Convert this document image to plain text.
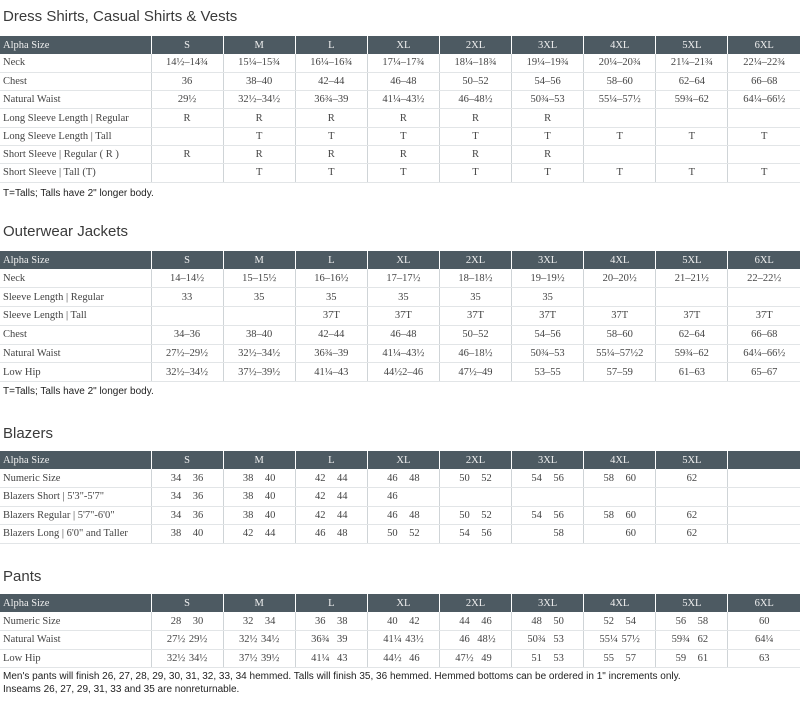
Dress Shirts, Casual Shirts & Vests
Alpha Size	S	M	L	XL	2XL	3XL	4XL	5XL	6XL
Neck	14½–14¾	15¼–15¾	16¼–16¾	17¼–17¾	18¼–18¾	19¼–19¾	20¼–20¾	21¼–21¾	22¼–22¾
Chest	36	38–40	42–44	46–48	50–52	54–56	58–60	62–64	66–68
Natural Waist	29½	32½–34½	36¾–39	41¼–43½	46–48½	50¾–53	55¼–57½	59¾–62	64¼–66½
Long Sleeve Length | Regular	R	R	R	R	R	R			
Long Sleeve Length | Tall		T	T	T	T	T	T	T	T
Short Sleeve | Regular ( R )	R	R	R	R	R	R			
Short Sleeve | Tall (T)		T	T	T	T	T	T	T	T
T=Talls; Talls have 2" longer body.
Outerwear Jackets
Alpha Size	S	M	L	XL	2XL	3XL	4XL	5XL	6XL
Neck	14–14½	15–15½	16–16½	17–17½	18–18½	19–19½	20–20½	21–21½	22–22½
Sleeve Length | Regular	33	35	35	35	35	35			
Sleeve Length | Tall			37T	37T	37T	37T	37T	37T	37T
Chest	34–36	38–40	42–44	46–48	50–52	54–56	58–60	62–64	66–68
Natural Waist	27½–29½	32½–34½	36¾–39	41¼–43½	46–18½	50¾–53	55¼–57½2	59¾–62	64¼–66½
Low Hip	32½–34½	37½–39½	41¼–43	44½2–46	47½–49	53–55	57–59	61–63	65–67
T=Talls; Talls have 2" longer body.
Blazers
Alpha Size	S	M	L	XL	2XL	3XL	4XL	5XL	
Numeric Size	34 36	38 40	42 44	46 48	50 52	54 56	58 60	62	

Blazers Short | 5'3"-5'7"	34 36	38 40	42 44	46					

Blazers Regular | 5'7"-6'0"	34 36	38 40	42 44	46 48	50 52	54 56	58 60	62	

Blazers Long | 6'0" and Taller	38 40	42 44	46 48	50 52	54 56	58	60	62	

Pants
Alpha Size	S	M	L	XL	2XL	3XL	4XL	5XL	6XL
Numeric Size	28 30	32 34	36 38	40 42	44 46	48 50	52 54	56 58	60

Natural Waist	27½ 29½	32½ 34½	36¾ 39	41¼ 43½	46 48½	50¾ 53	55¼ 57½	59¾ 62	64¼

Low Hip	32½ 34½	37½ 39½	41¼ 43	44½ 46	47½ 49	51 53	55 57	59 61	63
Men's pants will finish 26, 27, 28, 29, 30, 31, 32, 33, 34 hemmed. Talls will finish 35, 36 hemmed. Hemmed bottoms can be ordered in 1" increments only.
Inseams 26, 27, 29, 31, 33 and 35 are nonreturnable.
